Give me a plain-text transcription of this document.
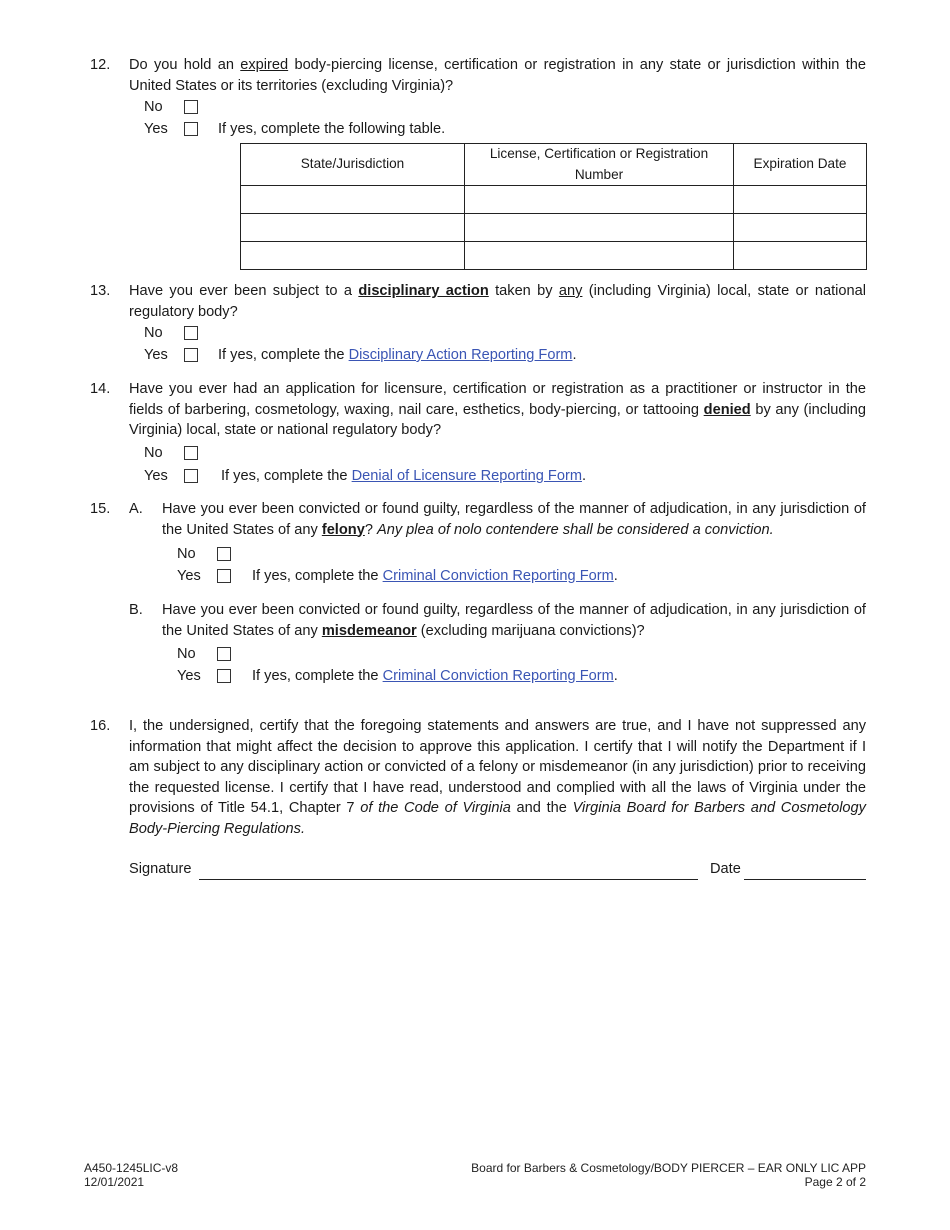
12. Do you hold an expired body-piercing license, certification or registration in any state or jurisdiction within the United States or its territories (excluding Virginia)?
No
Yes	If yes, complete the following table.
State/Jurisdiction	License, Certification or Registration Number	Expiration Date

13. Have you ever been subject to a disciplinary action taken by any (including Virginia) local, state or national regulatory body?
No
Yes	If yes, complete the Disciplinary Action Reporting Form.
14. Have you ever had an application for licensure, certification or registration as a practitioner or instructor in the fields of barbering, cosmetology, waxing, nail care, esthetics, body-piercing, or tattooing denied by any (including Virginia) local, state or national regulatory body?
No
Yes	If yes, complete the Denial of Licensure Reporting Form.
15. A. Have you ever been convicted or found guilty, regardless of the manner of adjudication, in any jurisdiction of the United States of any felony? Any plea of nolo contendere shall be considered a conviction.
No
Yes	If yes, complete the Criminal Conviction Reporting Form.
B. Have you ever been convicted or found guilty, regardless of the manner of adjudication, in any jurisdiction of the United States of any misdemeanor (excluding marijuana convictions)?
No
Yes	If yes, complete the Criminal Conviction Reporting Form.
16. I, the undersigned, certify that the foregoing statements and answers are true, and I have not suppressed any information that might affect the decision to approve this application. I certify that I will notify the Department if I am subject to any disciplinary action or convicted of a felony or misdemeanor (in any jurisdiction) prior to receiving the requested license. I certify that I have read, understood and complied with all the laws of Virginia under the provisions of Title 54.1, Chapter 7 of the Code of Virginia and the Virginia Board for Barbers and Cosmetology Body-Piercing Regulations.
Signature	Date
A450-1245LIC-v8
12/01/2021
Board for Barbers & Cosmetology/BODY PIERCER – EAR ONLY LIC APP
Page 2 of 2
